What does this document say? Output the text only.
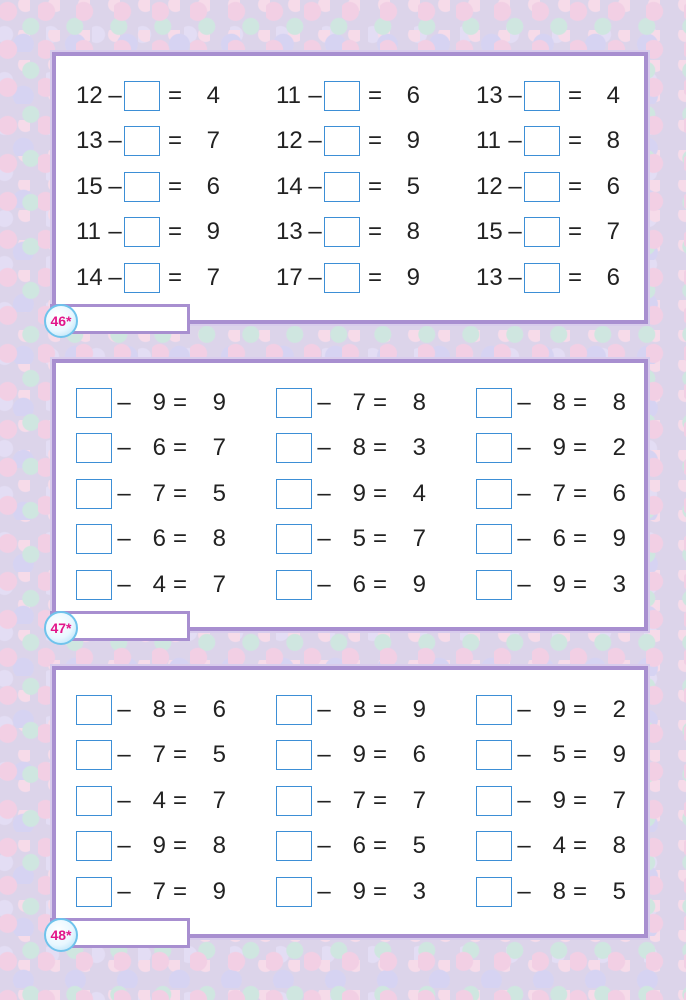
12 –	=	4 11 –	=	6 13 –	=	4
13 –	=	7 12 –	=	9 11 –	=	8
15 –	=	6 14 –	=	5 12 –	=	6
11 –	=	9 13 –	=	8 15 –	=	7
14 –	=	7 17 –	=	9 13 –	=	6
46*
– 9 =	9	– 7 =	8	– 8 =	8
– 6 =	7	– 8 =	3	– 9 =	2
– 7 =	5	– 9 =	4	– 7 =	6
– 6 =	8	– 5 =	7	– 6 =	9
– 4 =	7	– 6 =	9	– 9 =	3
47*
– 8 =	6	– 8 =	9	– 9 =	2
– 7 =	5	– 9 =	6	– 5 =	9
– 4 =	7	– 7 =	7	– 9 =	7
– 9 =	8	– 6 =	5	– 4 =	8
– 7 =	9	– 9 =	3	– 8 =	5
48*
